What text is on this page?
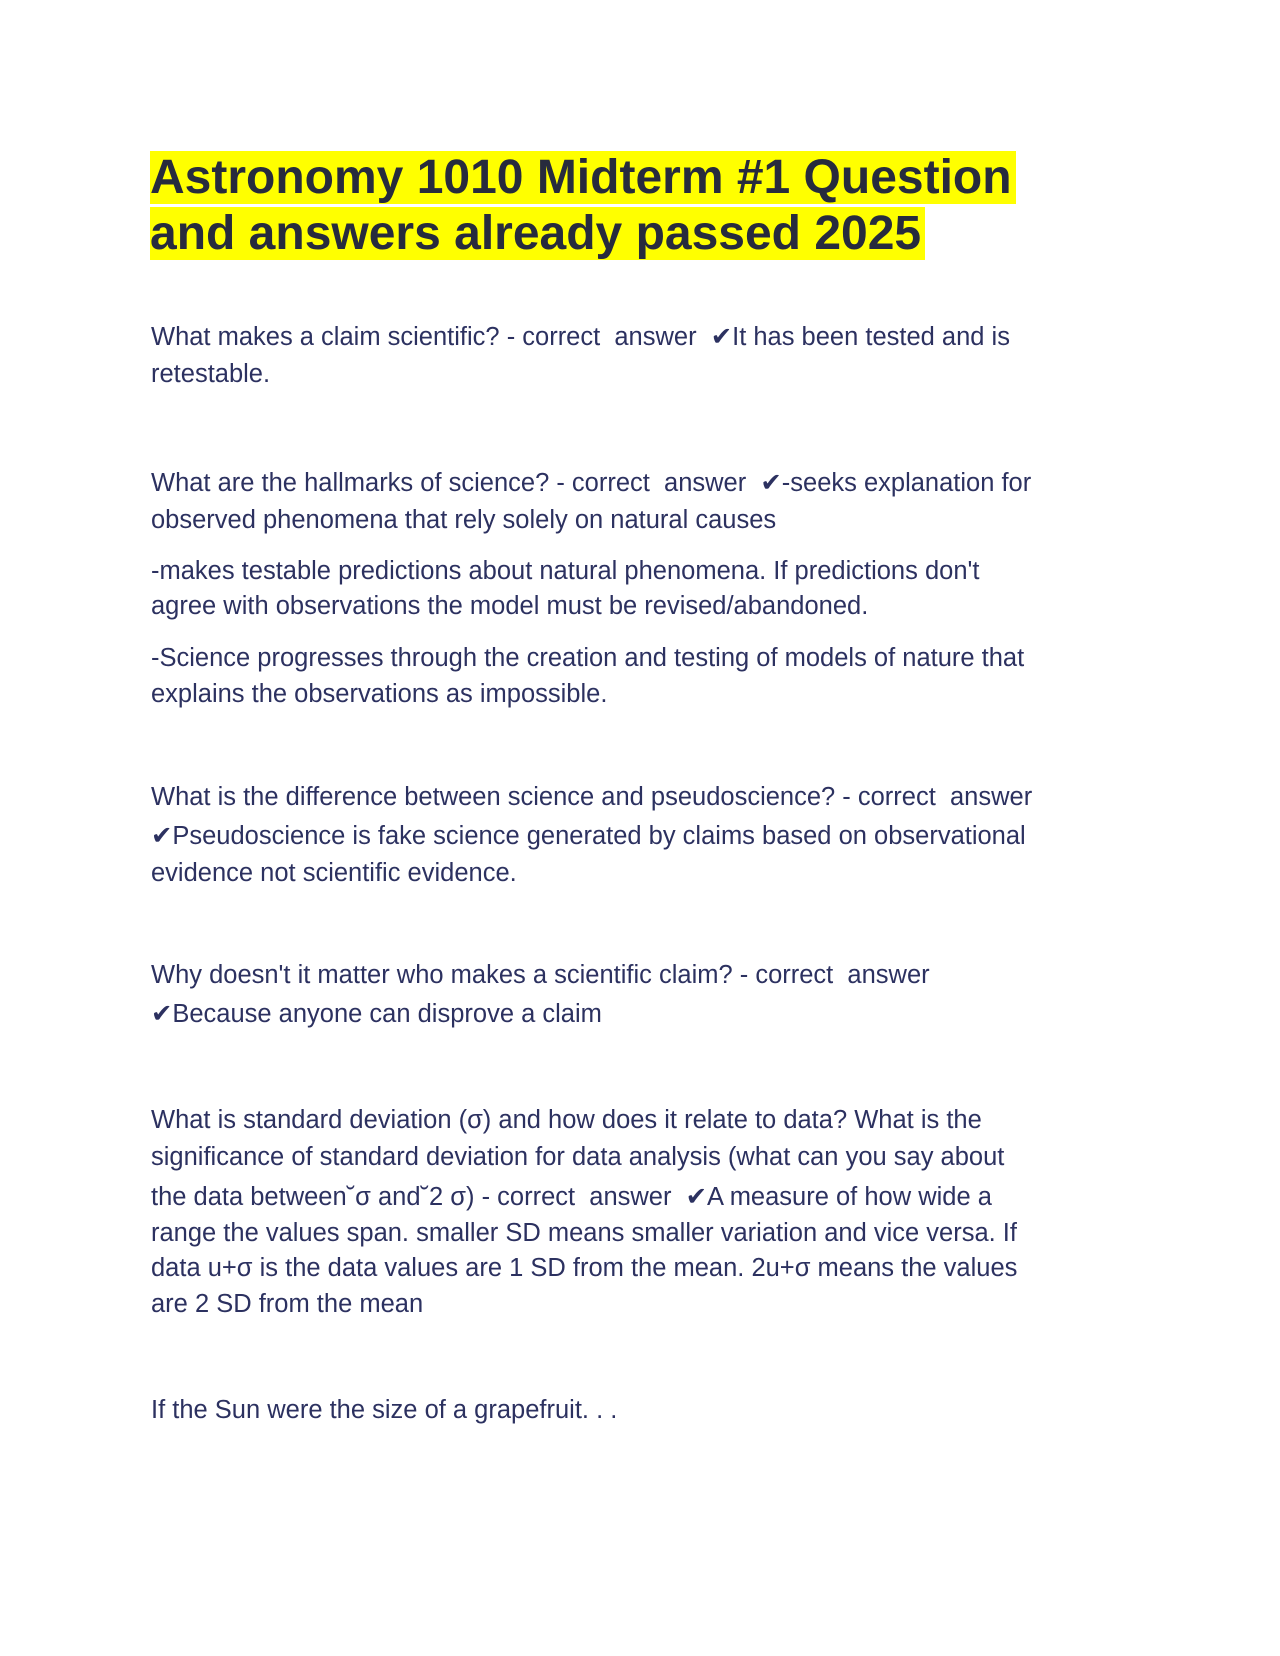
Astronomy 1010 Midterm #1 Question
and answers already passed 2025
What makes a claim scientific? - correct  answer  ✔It has been tested and is
retestable.
What are the hallmarks of science? - correct  answer  ✔-seeks explanation for
observed phenomena that rely solely on natural causes
-makes testable predictions about natural phenomena. If predictions don't
agree with observations the model must be revised/abandoned.
-Science progresses through the creation and testing of models of nature that
explains the observations as impossible.
What is the difference between science and pseudoscience? - correct  answer
✔Pseudoscience is fake science generated by claims based on observational
evidence not scientific evidence.
Why doesn't it matter who makes a scientific claim? - correct  answer
✔Because anyone can disprove a claim
What is standard deviation (σ) and how does it relate to data? What is the
significance of standard deviation for data analysis (what can you say about
the data between˘σ and˘2 σ) - correct  answer  ✔A measure of how wide a
range the values span. smaller SD means smaller variation and vice versa. If
data u+σ is the data values are 1 SD from the mean. 2u+σ means the values
are 2 SD from the mean
If the Sun were the size of a grapefruit. . .
